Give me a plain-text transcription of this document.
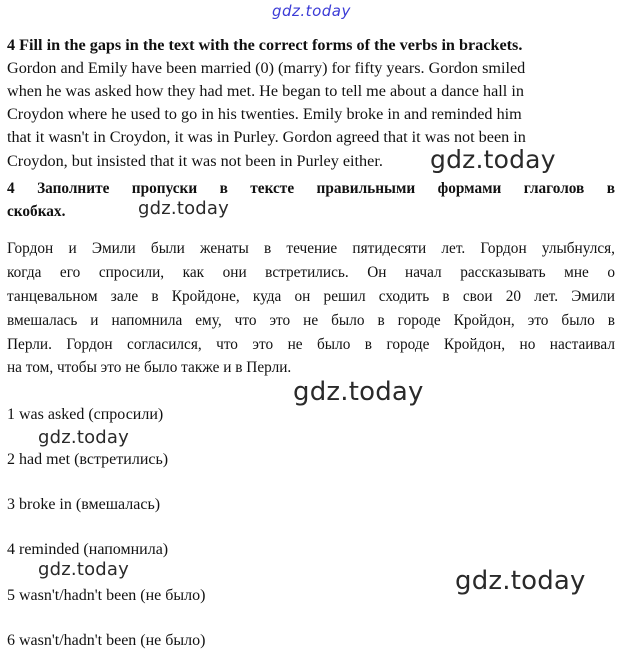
gdz.today
4 Fill in the gaps in the text with the correct forms of the verbs in brackets.
Gordon and Emily have been married (0) (marry) for fifty years. Gordon smiled
when he was asked how they had met. He began to tell me about a dance hall in
Croydon where he used to go in his twenties. Emily broke in and reminded him
that it wasn't in Croydon, it was in Purley. Gordon agreed that it was not been in
Croydon, but insisted that it was not been in Purley either. gdz.today
4 Заполните пропуски в тексте правильными формами глаголов в
скобках.	gdz.today
Гордон и Эмили были женаты в течение пятидесяти лет. Гордон улыбнулся,
когда его спросили, как они встретились. Он начал рассказывать мне о
танцевальном зале в Кройдоне, куда он решил сходить в свои 20 лет. Эмили
вмешалась и напомнила ему, что это не было в городе Кройдон, это было в
Перли. Гордон согласился, что это не было в городе Кройдон, но настаивал
на том, чтобы это не было также и в Перли.
gdz.today
1 was asked (спросили)
gdz.today
2 had met (встретились)
3 broke in (вмешалась)
4 reminded (напомнила)
gdz.today	gdz.today
5 wasn't/hadn't been (не было)
6 wasn't/hadn't been (не было)
